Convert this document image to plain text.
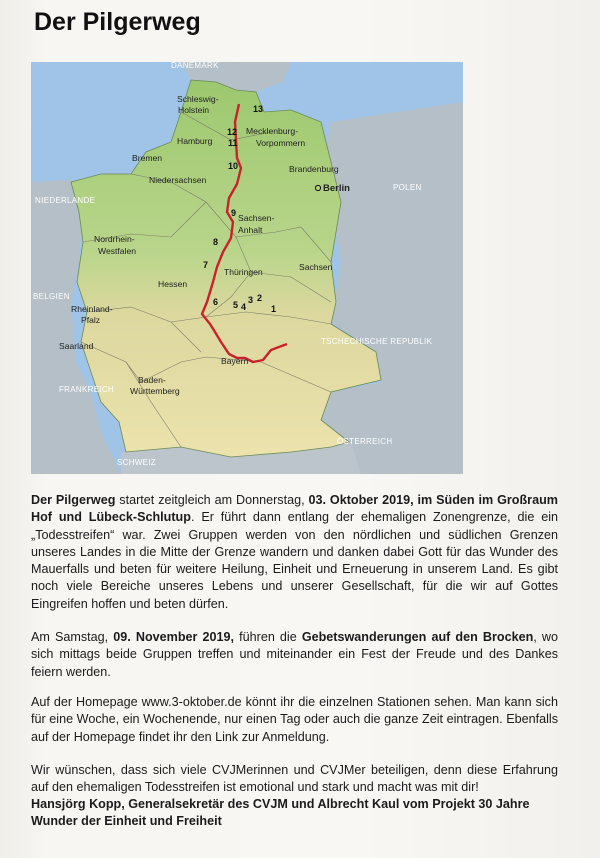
Der Pilgerweg
DÄNEMARK
NIEDERLANDE
BELGIEN
POLEN
TSCHECHISCHE REPUBLIK
FRANKREICH
ÖSTERREICH
SCHWEIZ
Schleswig-
Holstein
Hamburg
Mecklenburg-
Vorpommern
Bremen
Niedersachsen
Brandenburg
Berlin
Sachsen-
Anhalt
Nordrhein-
Westfalen
Thüringen	Sachsen
Hessen
Rheinland-
Pfalz
Saarland
Bayern
Baden-
Württemberg
13
12
11
10
9
8
7
6 5 4
3 2
1

Der Pilgerweg startet zeitgleich am Donnerstag, 03. Oktober 2019, im Süden im Großraum Hof und Lübeck-Schlutup. Er führt dann entlang der ehemaligen Zonengrenze, die ein „Todesstreifen“ war. Zwei Gruppen werden von den nördlichen und südlichen Grenzen unseres Landes in die Mitte der Grenze wandern und danken dabei Gott für das Wunder des Mauerfalls und beten für weitere Heilung, Einheit und Erneuerung in unserem Land. Es gibt noch viele Bereiche unseres Lebens und unserer Gesellschaft, für die wir auf Gottes Eingreifen hoffen und beten dürfen.

Am Samstag, 09. November 2019, führen die Gebetswanderungen auf den Brocken, wo sich mittags beide Gruppen treffen und miteinander ein Fest der Freude und des Dankes feiern werden.

Auf der Homepage www.3-oktober.de könnt ihr die einzelnen Stationen sehen. Man kann sich für eine Woche, ein Wochenende, nur einen Tag oder auch die ganze Zeit eintragen. Ebenfalls auf der Homepage findet ihr den Link zur Anmeldung.

Wir wünschen, dass sich viele CVJMerinnen und CVJMer beteiligen, denn diese Erfahrung auf den ehemaligen Todesstreifen ist emotional und stark und macht was mit dir!

Hansjörg Kopp, Generalsekretär des CVJM und Albrecht Kaul vom Projekt 30 Jahre Wunder der Einheit und Freiheit
